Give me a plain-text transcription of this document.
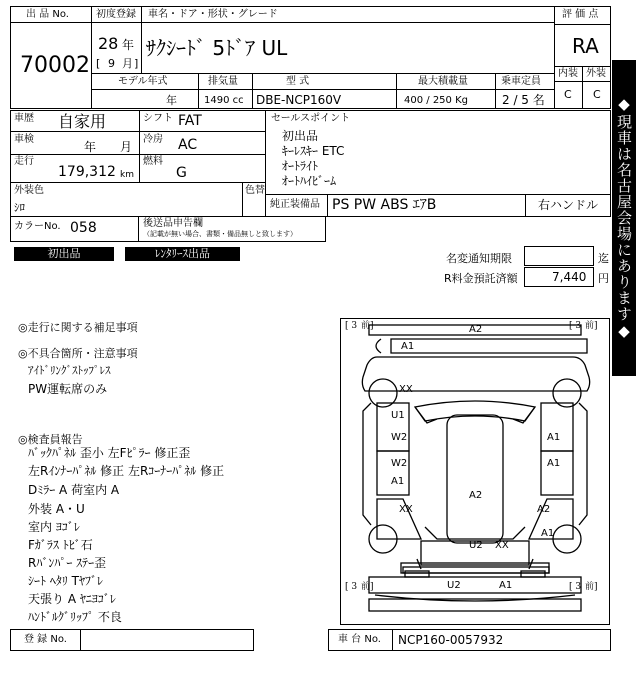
出 品 No.
70002
初度登録 車名・ドア・形状・グレード
28 年
[ 9 月 ]
ｻｸｼｰﾄﾞ 5ﾄﾞｱ UL
モデル年式	排気量	型 式	最大積載量	乗車定員
年	1490 cc DBE-NCP160V	400 / 250 Kg	2 / 5 名
評 価 点
RA
内装 外装
C C
車歴 自家用	シフト FAT
車検
年 月
冷房 AC
走行
179,312 km
燃料
G
外装色
ｼﾛ
色替
カラーNo. 058	後送品申告欄
（記載が無い場合、書類・備品無しと致します）
セールスポイント
初出品
ｷｰﾚｽｷｰ ETC
ｵｰﾄﾗｲﾄ
ｵｰﾄﾊｲﾋﾞｰﾑ
純正装備品 PS PW ABS ｴｱB	右ハンドル ◆現車は名古屋会場にあります◆
初出品	ﾚﾝﾀﾘｰｽ出品	名変通知期限	迄
R料金預託済額	7,440 円
◎走行に関する補足事項
◎不具合箇所・注意事項
ｱｲﾄﾞﾘﾝｸﾞｽﾄｯﾌﾟﾚｽ
PW運転席のみ
◎検査員報告
ﾊﾞｯｸﾊﾟﾈﾙ 歪小 左Fﾋﾟﾗｰ 修正歪
左Rｲﾝﾅｰﾊﾟﾈﾙ 修正 左Rｺｰﾅｰﾊﾟﾈﾙ 修正
Dﾐﾗｰ A 荷室内 A
外装 A・U
室内 ﾖｺﾞﾚ
Fｶﾞﾗｽ ﾄﾋﾞ石
Rﾊﾞﾝﾊﾟｰ ｽﾃｰ歪
ｼｰﾄ ﾍﾀﾘ Tﾔﾌﾞﾚ
天張り A ﾔﾆﾖｺﾞﾚ
ﾊﾝﾄﾞﾙｸﾞﾘｯﾌﾟ 不良
[ 3 前]	[ 3 前]
[ 3 前]	[ 3 前]
A2
A1
XX
U1
W2
W2
A1
A1
A1
A2
XX	A2
A1
U2 XX
U2	A1
登 録 No.	車 台 No. NCP160-0057932
